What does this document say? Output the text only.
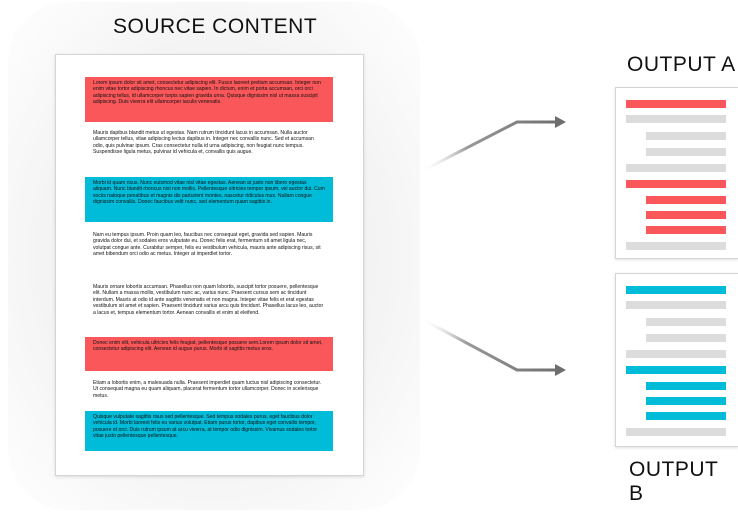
SOURCE CONTENT
Lorem ipsum dolor sit amet, consectetur adipiscing elit. Fusce laoreet pretium accumsan. Integer non enim vitae tortor adipiscing rhoncus nec vitae sapien. In dictum, enim et porta accumsan, orci orci adipiscing tellus, id ullamcorper turpis sapien gravida urna. Quisque dignissim nisl ut massa suscipit adipiscing. Duis viverra elit ullamcorper iaculis venenatis.
Mauris dapibus blandit metus ut egestas. Nam rutrum tincidunt lacus in accumsan. Nulla auctor ullamcorper tellus, vitae adipiscing lectus dapibus in. Integer nec convallis nunc. Sed et accumsan odio, quis pulvinar ipsum. Cras consectetur nulla id urna adipiscing, non feugiat nunc tempus. Suspendisse ligula metus, pulvinar id vehicula et, convallis quis augue.
Morbi id quam risus. Nunc euismod vitae nisl vitae egestas. Aenean at justo non libero egestas aliquam. Nunc blandit rhoncus nisl non mollis. Pellentesque ultricies tempor ipsum, vel auctor dui. Cum sociis natoque penatibus et magnis dis parturient montes, nascetur ridiculus mus. Nullam congue dignissim convallis. Donec faucibus velit nunc, sed elementum quam sagittis in.
Nam eu tempus ipsum. Proin quam leo, faucibus nec consequat eget, gravida sed sapien. Mauris gravida dolor dui, et sodales eros vulputate eu. Donec felis erat, fermentum sit amet ligula nec, volutpat congue ante. Curabitur semper, felis eu vestibulum vehicula, mauris ante adipiscing risus, sit amet bibendum orci odio ac metus. Integer at imperdiet tortor.
Mauris ornare lobortis accumsan. Phasellus non quam lobortis, suscipit tortor posuere, pellentesque elit. Nullam a massa mollis, vestibulum nunc ac, varius nunc. Praesent cursus sem ac tincidunt interdum. Mauris at odio id ante sagittis venenatis et non magna. Integer vitae felis et erat egestas vestibulum sit amet et sapien. Praesent tincidunt varius arcu quis tincidunt. Phasellus lacus leo, auctor a lacus et, tempus elementum tortor. Aenean convallis et enim at eleifend.
Donec enim elit, vehicula ultricies felis feugiat, pellentesque posuere sem.Lorem ipsum dolor sit amet, consectetur adipiscing elit. Aenean id augue purus. Morbi id sagittis metus eros.
Etiam a lobortis enim, a malesuada nulla. Praesent imperdiet quam luctus nisl adipiscing consectetur. Ut consequat magna eu quam aliquam, placerat fermentum tortor ullamcorper. Donec in scelerisque metus.
Quisque vulputate sagittis risus sed pellentesque. Sed tempus sodales purus, eget faucibus dolor vehicula id. Morbi laoreet felis eu varius volutpat. Etiam purus tortor, dapibus eget convallis tempor, posuere et orci. Duis rutrum ipsum at arcu viverra, at tempor odio dignissim. Vivamus sodales tortor vitae justo pellentesque pellentesque.
OUTPUT A
OUTPUT B
